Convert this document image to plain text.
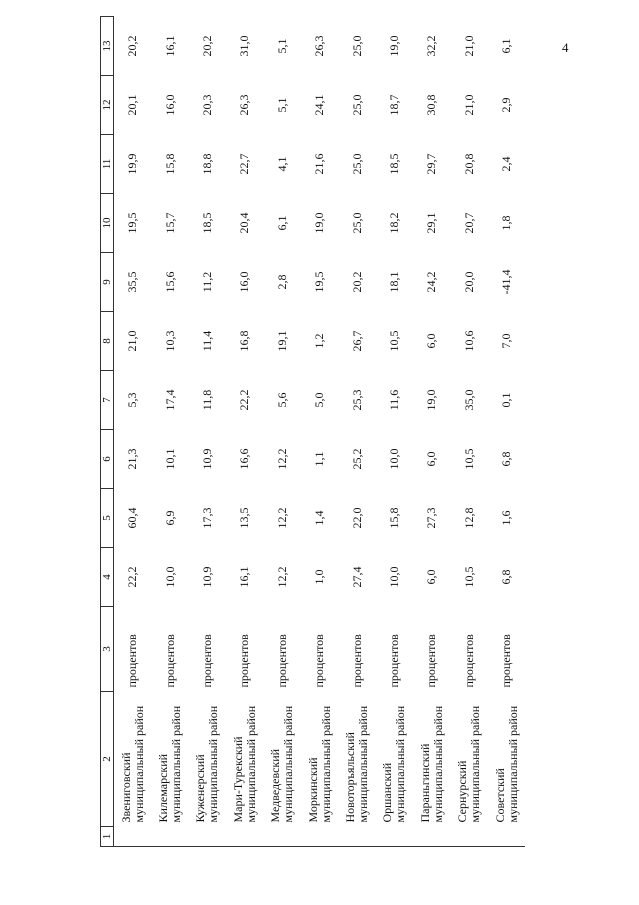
4
1	2	3	4	5	6	7	8	9	10	11	12	13

	Звениговский муниципальный район	процентов	22,2	60,4	21,3	5,3	21,0	35,5	19,5	19,9	20,1	20,2

	Килемарский муниципальный район	процентов	10,0	6,9	10,1	17,4	10,3	15,6	15,7	15,8	16,0	16,1

	Куженерский муниципальный район	процентов	10,9	17,3	10,9	11,8	11,4	11,2	18,5	18,8	20,3	20,2

	Мари-Турекский муниципальный район	процентов	16,1	13,5	16,6	22,2	16,8	16,0	20,4	22,7	26,3	31,0

	Медведевский муниципальный район	процентов	12,2	12,2	12,2	5,6	19,1	2,8	6,1	4,1	5,1	5,1

	Моркинский муниципальный район	процентов	1,0	1,4	1,1	5,0	1,2	19,5	19,0	21,6	24,1	26,3

	Новоторъяльский муниципальный район	процентов	27,4	22,0	25,2	25,3	26,7	20,2	25,0	25,0	25,0	25,0

	Оршанский муниципальный район	процентов	10,0	15,8	10,0	11,6	10,5	18,1	18,2	18,5	18,7	19,0

	Параньгинский муниципальный район	процентов	6,0	27,3	6,0	19,0	6,0	24,2	29,1	29,7	30,8	32,2

	Сернурский муниципальный район	процентов	10,5	12,8	10,5	35,0	10,6	20,0	20,7	20,8	21,0	21,0

	Советский муниципальный район	процентов	6,8	1,6	6,8	0,1	7,0	-41,4	1,8	2,4	2,9	6,1
